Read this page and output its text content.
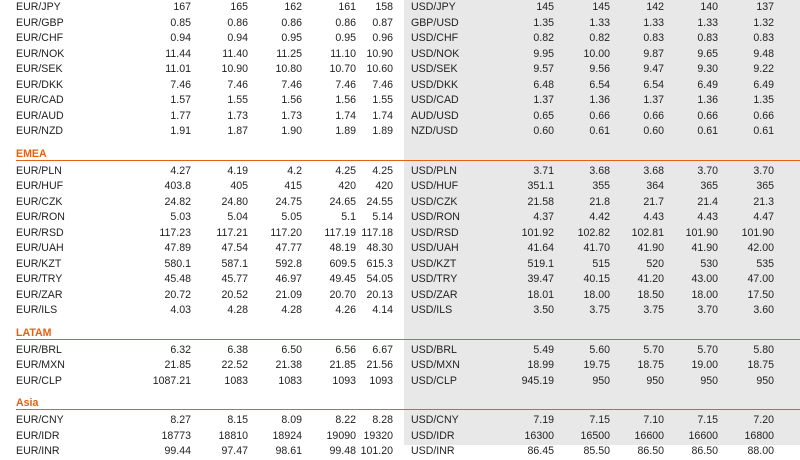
EUR/JPY	167	165	162	161	158 USD/JPY	145	145	142	140	137
EUR/GBP	0.85	0.86	0.86	0.86	0.87 GBP/USD	1.35	1.33	1.33	1.33	1.32
EUR/CHF	0.94	0.94	0.95	0.95	0.96 USD/CHF	0.82	0.82	0.83	0.83	0.83
EUR/NOK	11.44	11.40	11.25	11.10 10.90 USD/NOK	9.95	10.00	9.87	9.65	9.48
EUR/SEK	11.01	10.90	10.80	10.70 10.60 USD/SEK	9.57	9.56	9.47	9.30	9.22
EUR/DKK	7.46	7.46	7.46	7.46	7.46 USD/DKK	6.48	6.54	6.54	6.49	6.49
EUR/CAD	1.57	1.55	1.56	1.56	1.55 USD/CAD	1.37	1.36	1.37	1.36	1.35
EUR/AUD	1.77	1.73	1.73	1.74	1.74 AUD/USD	0.65	0.66	0.66	0.66	0.66
EUR/NZD	1.91	1.87	1.90	1.89	1.89 NZD/USD	0.60	0.61	0.60	0.61	0.61
EMEA
EUR/PLN	4.27	4.19	4.2	4.25	4.25 USD/PLN	3.71	3.68	3.68	3.70	3.70
EUR/HUF	403.8	405	415	420	420 USD/HUF	351.1	355	364	365	365
EUR/CZK	24.82	24.80	24.75	24.65 24.55 USD/CZK	21.58	21.8	21.7	21.4	21.3
EUR/RON	5.03	5.04	5.05	5.1	5.14 USD/RON	4.37	4.42	4.43	4.43	4.47
EUR/RSD	117.23	117.21	117.20	117.19 117.18 USD/RSD	101.92	102.82	102.81	101.90	101.90
EUR/UAH	47.89	47.54	47.77	48.19 48.30 USD/UAH	41.64	41.70	41.90	41.90	42.00
EUR/KZT	580.1	587.1	592.8	609.5 615.3 USD/KZT	519.1	515	520	530	535
EUR/TRY	45.48	45.77	46.97	49.45 54.05 USD/TRY	39.47	40.15	41.20	43.00	47.00
EUR/ZAR	20.72	20.52	21.09	20.70 20.13 USD/ZAR	18.01	18.00	18.50	18.00	17.50
EUR/ILS	4.03	4.28	4.28	4.26	4.14 USD/ILS	3.50	3.75	3.75	3.70	3.60
LATAM
EUR/BRL	6.32	6.38	6.50	6.56	6.67 USD/BRL	5.49	5.60	5.70	5.70	5.80
EUR/MXN	21.85	22.52	21.38	21.85 21.56 USD/MXN	18.99	19.75	18.75	19.00	18.75
EUR/CLP	1087.21	1083	1083	1093	1093 USD/CLP	945.19	950	950	950	950
Asia
EUR/CNY	8.27	8.15	8.09	8.22	8.28 USD/CNY	7.19	7.15	7.10	7.15	7.20
EUR/IDR	18773	18810	18924	19090 19320 USD/IDR	16300	16500	16600	16600	16800
EUR/INR	99.44	97.47	98.61	99.48 101.20 USD/INR	86.45	85.50	86.50	86.50	88.00
